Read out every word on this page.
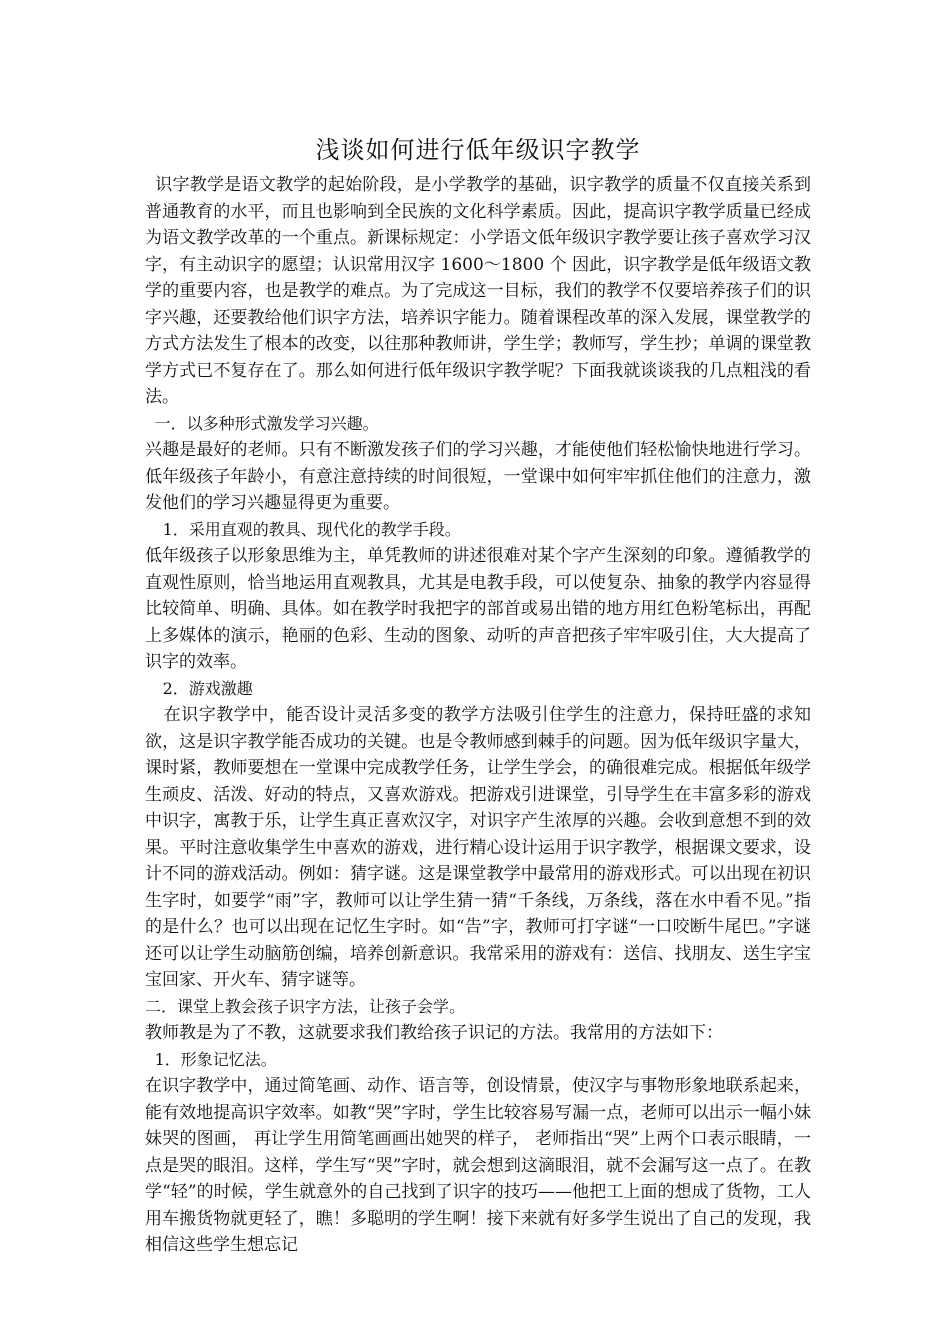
浅谈如何进行低年级识字教学

识字教学是语文教学的起始阶段，是小学教学的基础，识字教学的质量不仅直接关系到普通教育的水平，而且也影响到全民族的文化科学素质。因此，提高识字教学质量已经成为语文教学改革的一个重点。新课标规定：小学语文低年级识字教学要让孩子喜欢学习汉字，有主动识字的愿望；认识常用汉字 1600～1800 个 因此，识字教学是低年级语文教学的重要内容，也是教学的难点。为了完成这一目标，我们的教学不仅要培养孩子们的识字兴趣，还要教给他们识字方法，培养识字能力。随着课程改革的深入发展，课堂教学的方式方法发生了根本的改变，以往那种教师讲，学生学；教师写，学生抄；单调的课堂教学方式已不复存在了。那么如何进行低年级识字教学呢？下面我就谈谈我的几点粗浅的看法。

一．以多种形式激发学习兴趣。

兴趣是最好的老师。只有不断激发孩子们的学习兴趣，才能使他们轻松愉快地进行学习。低年级孩子年龄小，有意注意持续的时间很短，一堂课中如何牢牢抓住他们的注意力，激发他们的学习兴趣显得更为重要。

1．采用直观的教具、现代化的教学手段。

低年级孩子以形象思维为主，单凭教师的讲述很难对某个字产生深刻的印象。遵循教学的直观性原则，恰当地运用直观教具，尤其是电教手段，可以使复杂、抽象的教学内容显得比较简单、明确、具体。如在教学时我把字的部首或易出错的地方用红色粉笔标出，再配上多媒体的演示，艳丽的色彩、生动的图象、动听的声音把孩子牢牢吸引住，大大提高了识字的效率。

2．游戏激趣

在识字教学中，能否设计灵活多变的教学方法吸引住学生的注意力，保持旺盛的求知欲，这是识字教学能否成功的关键。也是令教师感到棘手的问题。因为低年级识字量大，课时紧，教师要想在一堂课中完成教学任务，让学生学会，的确很难完成。根据低年级学生顽皮、活泼、好动的特点，又喜欢游戏。把游戏引进课堂，引导学生在丰富多彩的游戏中识字，寓教于乐，让学生真正喜欢汉字，对识字产生浓厚的兴趣。会收到意想不到的效果。平时注意收集学生中喜欢的游戏，进行精心设计运用于识字教学，根据课文要求，设计不同的游戏活动。例如：猜字谜。这是课堂教学中最常用的游戏形式。可以出现在初识生字时，如要学“雨”字，教师可以让学生猜一猜“千条线，万条线，落在水中看不见。”指的是什么？也可以出现在记忆生字时。如“告”字，教师可打字谜“一口咬断牛尾巴。”字谜还可以让学生动脑筋创编，培养创新意识。我常采用的游戏有：送信、找朋友、送生字宝宝回家、开火车、猜字谜等。

二．课堂上教会孩子识字方法，让孩子会学。

教师教是为了不教，这就要求我们教给孩子识记的方法。我常用的方法如下：

1．形象记忆法。

在识字教学中，通过简笔画、动作、语言等，创设情景，使汉字与事物形象地联系起来，能有效地提高识字效率。如教“哭”字时，学生比较容易写漏一点，老师可以出示一幅小妹妹哭的图画， 再让学生用简笔画画出她哭的样子， 老师指出“哭”上两个口表示眼睛，一点是哭的眼泪。这样，学生写“哭”字时，就会想到这滴眼泪，就不会漏写这一点了。在教学“轻”的时候，学生就意外的自己找到了识字的技巧——他把工上面的想成了货物，工人用车搬货物就更轻了，瞧！多聪明的学生啊！接下来就有好多学生说出了自己的发现，我相信这些学生想忘记
